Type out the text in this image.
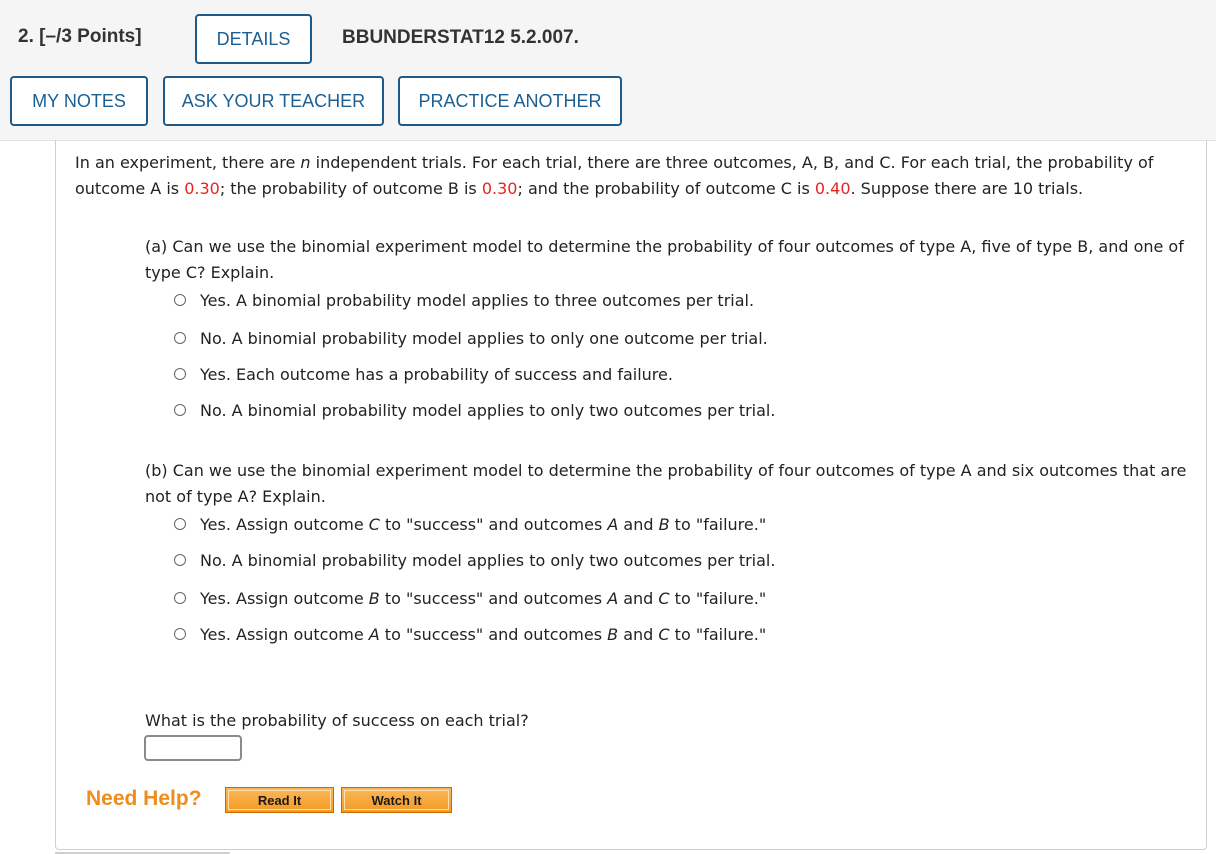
2. [–/3 Points]	DETAILS	BBUNDERSTAT12 5.2.007.
MY NOTES	ASK YOUR TEACHER	PRACTICE ANOTHER
In an experiment, there are n independent trials. For each trial, there are three outcomes, A, B, and C. For each trial, the probability of outcome A is 0.30; the probability of outcome B is 0.30; and the probability of outcome C is 0.40. Suppose there are 10 trials.
(a) Can we use the binomial experiment model to determine the probability of four outcomes of type A, five of type B, and one of type C? Explain.
Yes. A binomial probability model applies to three outcomes per trial.
No. A binomial probability model applies to only one outcome per trial.
Yes. Each outcome has a probability of success and failure.
No. A binomial probability model applies to only two outcomes per trial.
(b) Can we use the binomial experiment model to determine the probability of four outcomes of type A and six outcomes that are not of type A? Explain.
Yes. Assign outcome C to "success" and outcomes A and B to "failure."
No. A binomial probability model applies to only two outcomes per trial.
Yes. Assign outcome B to "success" and outcomes A and C to "failure."
Yes. Assign outcome A to "success" and outcomes B and C to "failure."
What is the probability of success on each trial?
Need Help?	Read It	Watch It
